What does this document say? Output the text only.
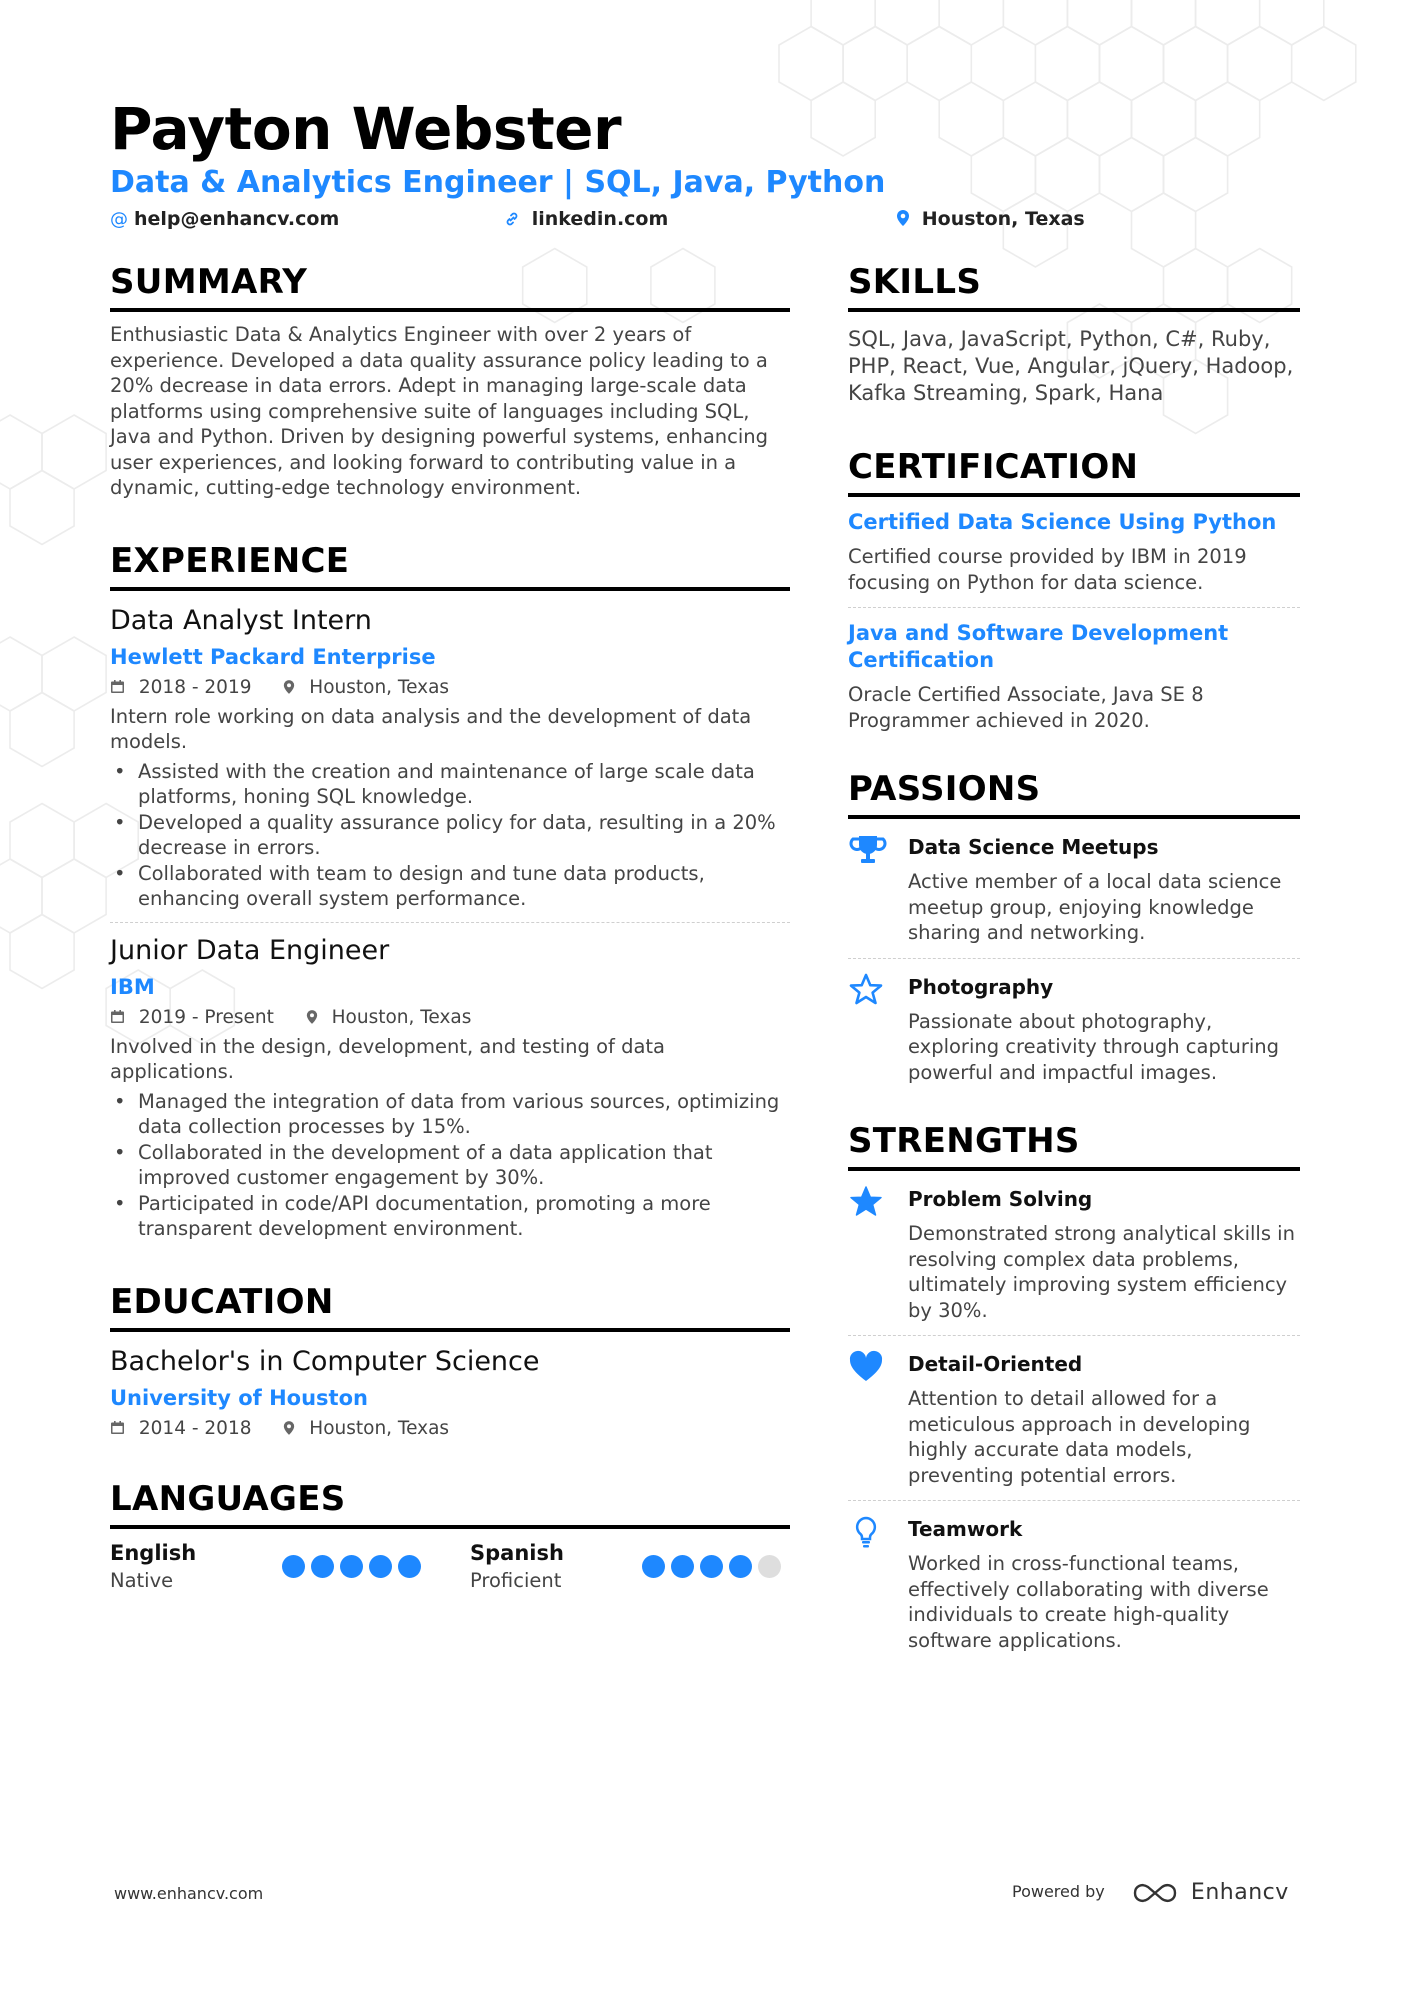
Payton Webster
Data & Analytics Engineer | SQL, Java, Python
@ help@enhancv.com	linkedin.com	Houston, Texas
SUMMARY

Enthusiastic Data & Analytics Engineer with over 2 years of experience. Developed a data quality assurance policy leading to a 20% decrease in data errors. Adept in managing large-scale data platforms using comprehensive suite of languages including SQL, Java and Python. Driven by designing powerful systems, enhancing user experiences, and looking forward to contributing value in a dynamic, cutting-edge technology environment.

EXPERIENCE
Data Analyst Intern
Hewlett Packard Enterprise
2018 - 2019	Houston, Texas

Intern role working on data analysis and the development of data models.

• Assisted with the creation and maintenance of large scale data platforms, honing SQL knowledge.
• Developed a quality assurance policy for data, resulting in a 20% decrease in errors.
• Collaborated with team to design and tune data products, enhancing overall system performance.
Junior Data Engineer
IBM
2019 - Present	Houston, Texas

Involved in the design, development, and testing of data applications.

• Managed the integration of data from various sources, optimizing data collection processes by 15%.
• Collaborated in the development of a data application that improved customer engagement by 30%.
• Participated in code/API documentation, promoting a more transparent development environment.
EDUCATION
Bachelor's in Computer Science
University of Houston
2014 - 2018	Houston, Texas
LANGUAGES
English
Native
Spanish
Proficient
SKILLS

SQL, Java, JavaScript, Python, C#, Ruby, PHP, React, Vue, Angular, jQuery, Hadoop, Kafka Streaming, Spark, Hana

CERTIFICATION
Certified Data Science Using Python

Certified course provided by IBM in 2019 focusing on Python for data science.

Java and Software Development Certification

Oracle Certified Associate, Java SE 8 Programmer achieved in 2020.

PASSIONS
Data Science Meetups

Active member of a local data science meetup group, enjoying knowledge sharing and networking.

Photography

Passionate about photography, exploring creativity through capturing powerful and impactful images.

STRENGTHS
Problem Solving

Demonstrated strong analytical skills in resolving complex data problems, ultimately improving system efficiency by 30%.

Detail-Oriented

Attention to detail allowed for a meticulous approach in developing highly accurate data models, preventing potential errors.

Teamwork

Worked in cross-functional teams, effectively collaborating with diverse individuals to create high-quality software applications.

www.enhancv.com	Powered by	Enhancv
